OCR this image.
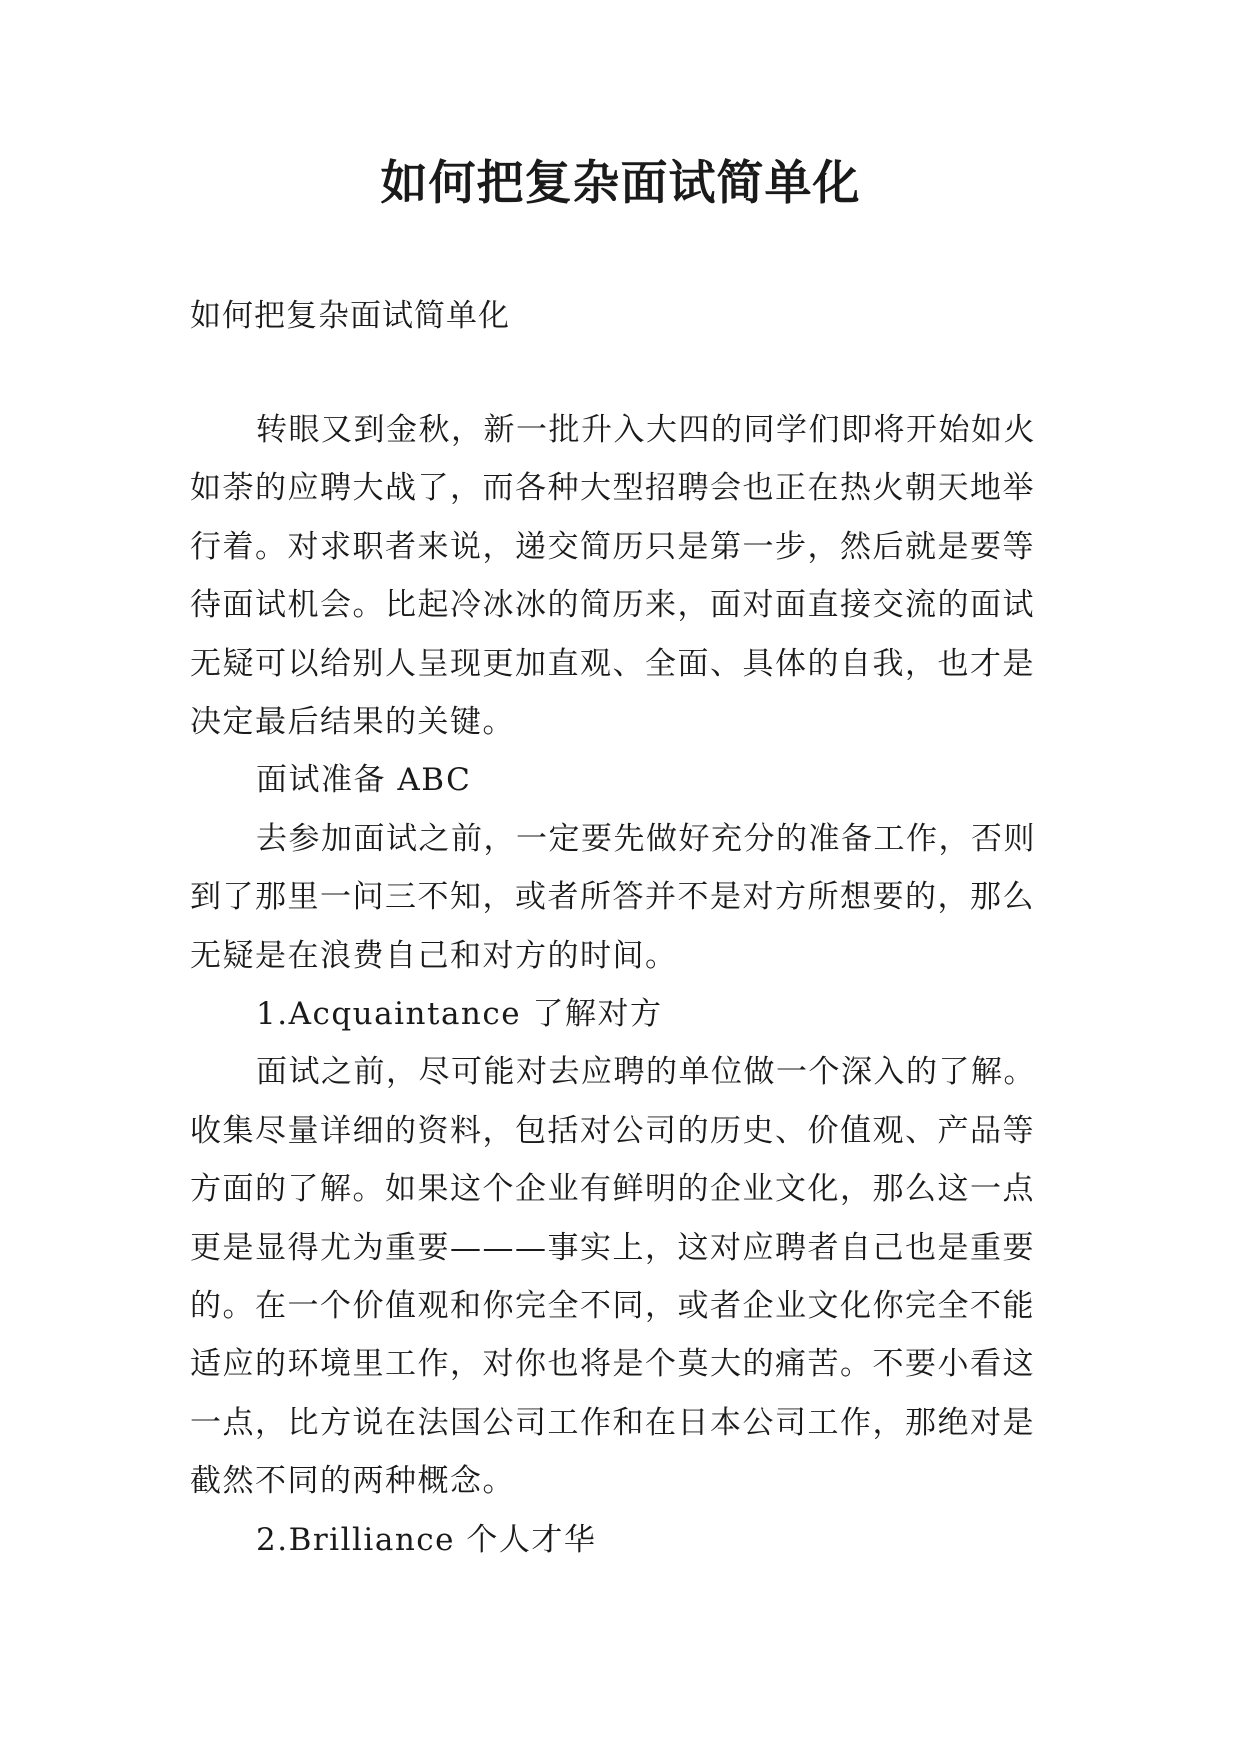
如何把复杂面试简单化
如何把复杂面试简单化
转眼又到金秋，新一批升入大四的同学们即将开始如火
如荼的应聘大战了，而各种大型招聘会也正在热火朝天地举
行着。对求职者来说，递交简历只是第一步，然后就是要等
待面试机会。比起冷冰冰的简历来，面对面直接交流的面试
无疑可以给别人呈现更加直观、全面、具体的自我，也才是
决定最后结果的关键。
面试准备 ABC
去参加面试之前，一定要先做好充分的准备工作，否则
到了那里一问三不知，或者所答并不是对方所想要的，那么
无疑是在浪费自己和对方的时间。
1.Acquaintance 了解对方
面试之前，尽可能对去应聘的单位做一个深入的了解。
收集尽量详细的资料，包括对公司的历史、价值观、产品等
方面的了解。如果这个企业有鲜明的企业文化，那么这一点
更是显得尤为重要———事实上，这对应聘者自己也是重要
的。在一个价值观和你完全不同，或者企业文化你完全不能
适应的环境里工作，对你也将是个莫大的痛苦。不要小看这
一点，比方说在法国公司工作和在日本公司工作，那绝对是
截然不同的两种概念。
2.Brilliance 个人才华
